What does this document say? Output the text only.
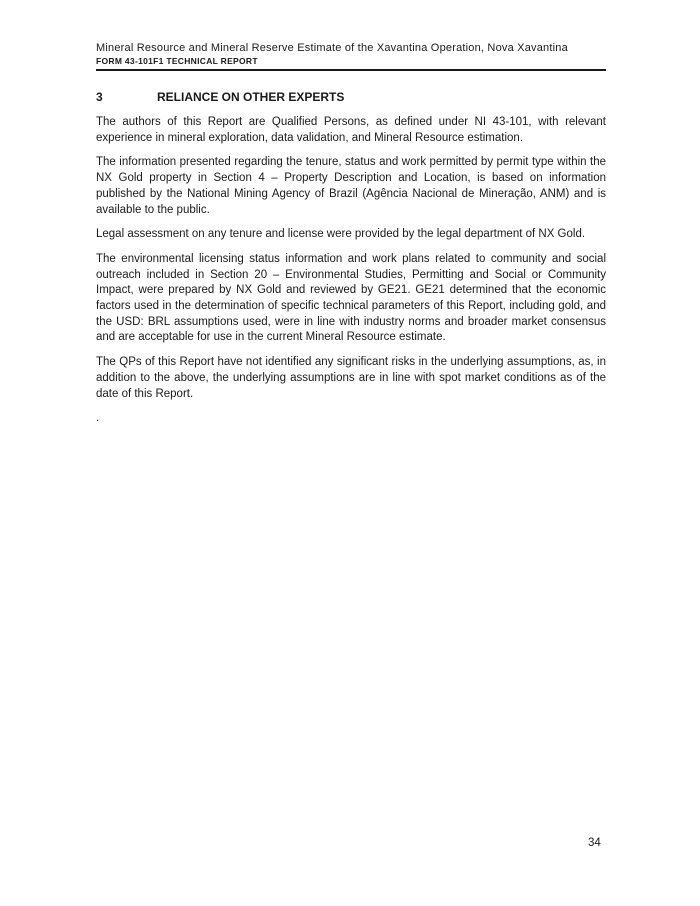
Mineral Resource and Mineral Reserve Estimate of the Xavantina Operation, Nova Xavantina
FORM 43-101F1 TECHNICAL REPORT
3	RELIANCE ON OTHER EXPERTS

The authors of this Report are Qualified Persons, as defined under NI 43-101, with relevant experience in mineral exploration, data validation, and Mineral Resource estimation.

The information presented regarding the tenure, status and work permitted by permit type within the NX Gold property in Section 4 – Property Description and Location, is based on information published by the National Mining Agency of Brazil (Agência Nacional de Mineração, ANM) and is available to the public.

Legal assessment on any tenure and license were provided by the legal department of NX Gold.

The environmental licensing status information and work plans related to community and social outreach included in Section 20 – Environmental Studies, Permitting and Social or Community Impact, were prepared by NX Gold and reviewed by GE21. GE21 determined that the economic factors used in the determination of specific technical parameters of this Report, including gold, and the USD: BRL assumptions used, were in line with industry norms and broader market consensus and are acceptable for use in the current Mineral Resource estimate.

The QPs of this Report have not identified any significant risks in the underlying assumptions, as, in addition to the above, the underlying assumptions are in line with spot market conditions as of the date of this Report.

.

34
